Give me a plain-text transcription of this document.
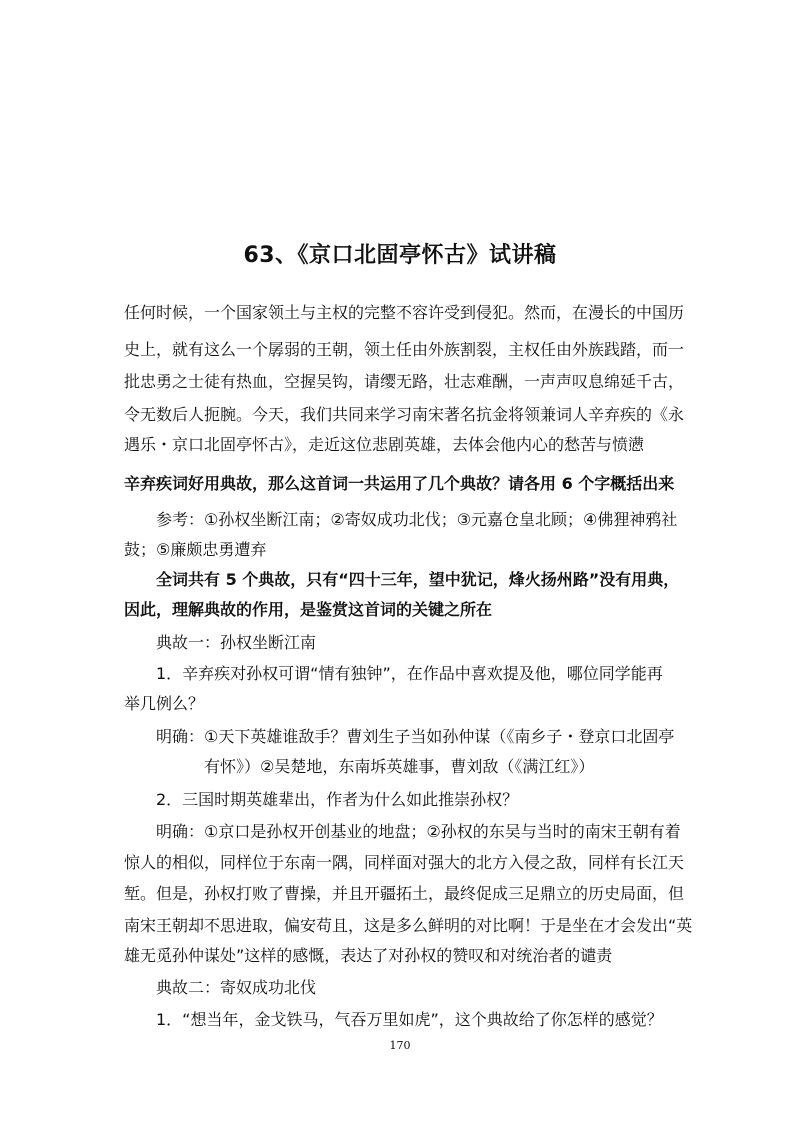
63、《京口北固亭怀古》试讲稿
任何时候，一个国家领土与主权的完整不容许受到侵犯。然而，在漫长的中国历
史上，就有这么一个孱弱的王朝，领土任由外族割裂，主权任由外族践踏，而一
批忠勇之士徒有热血，空握吴钩，请缨无路，壮志难酬，一声声叹息绵延千古，
令无数后人扼腕。今天，我们共同来学习南宋著名抗金将领兼词人辛弃疾的《永
遇乐・京口北固亭怀古》，走近这位悲剧英雄，去体会他内心的愁苦与愤懑
辛弃疾词好用典故，那么这首词一共运用了几个典故？请各用 6 个字概括出来
参考：①孙权坐断江南；②寄奴成功北伐；③元嘉仓皇北顾；④佛狸神鸦社
鼓；⑤廉颇忠勇遭弃
全词共有 5 个典故，只有“四十三年，望中犹记，烽火扬州路”没有用典，
因此，理解典故的作用，是鉴赏这首词的关键之所在
典故一：孙权坐断江南
1．辛弃疾对孙权可谓“情有独钟”，在作品中喜欢提及他，哪位同学能再
举几例么？
明确：①天下英雄谁敌手？曹刘生子当如孙仲谋（《南乡子・登京口北固亭
有怀》）②吴楚地，东南坼英雄事，曹刘敌（《满江红》）
2．三国时期英雄辈出，作者为什么如此推崇孙权？
明确：①京口是孙权开创基业的地盘；②孙权的东吴与当时的南宋王朝有着
惊人的相似，同样位于东南一隅，同样面对强大的北方入侵之敌，同样有长江天
堑。但是，孙权打败了曹操，并且开疆拓土，最终促成三足鼎立的历史局面，但
南宋王朝却不思进取，偏安苟且，这是多么鲜明的对比啊！于是坐在才会发出“英
雄无觅孙仲谋处”这样的感慨，表达了对孙权的赞叹和对统治者的谴责
典故二：寄奴成功北伐
1．“想当年，金戈铁马，气吞万里如虎”，这个典故给了你怎样的感觉？
170
